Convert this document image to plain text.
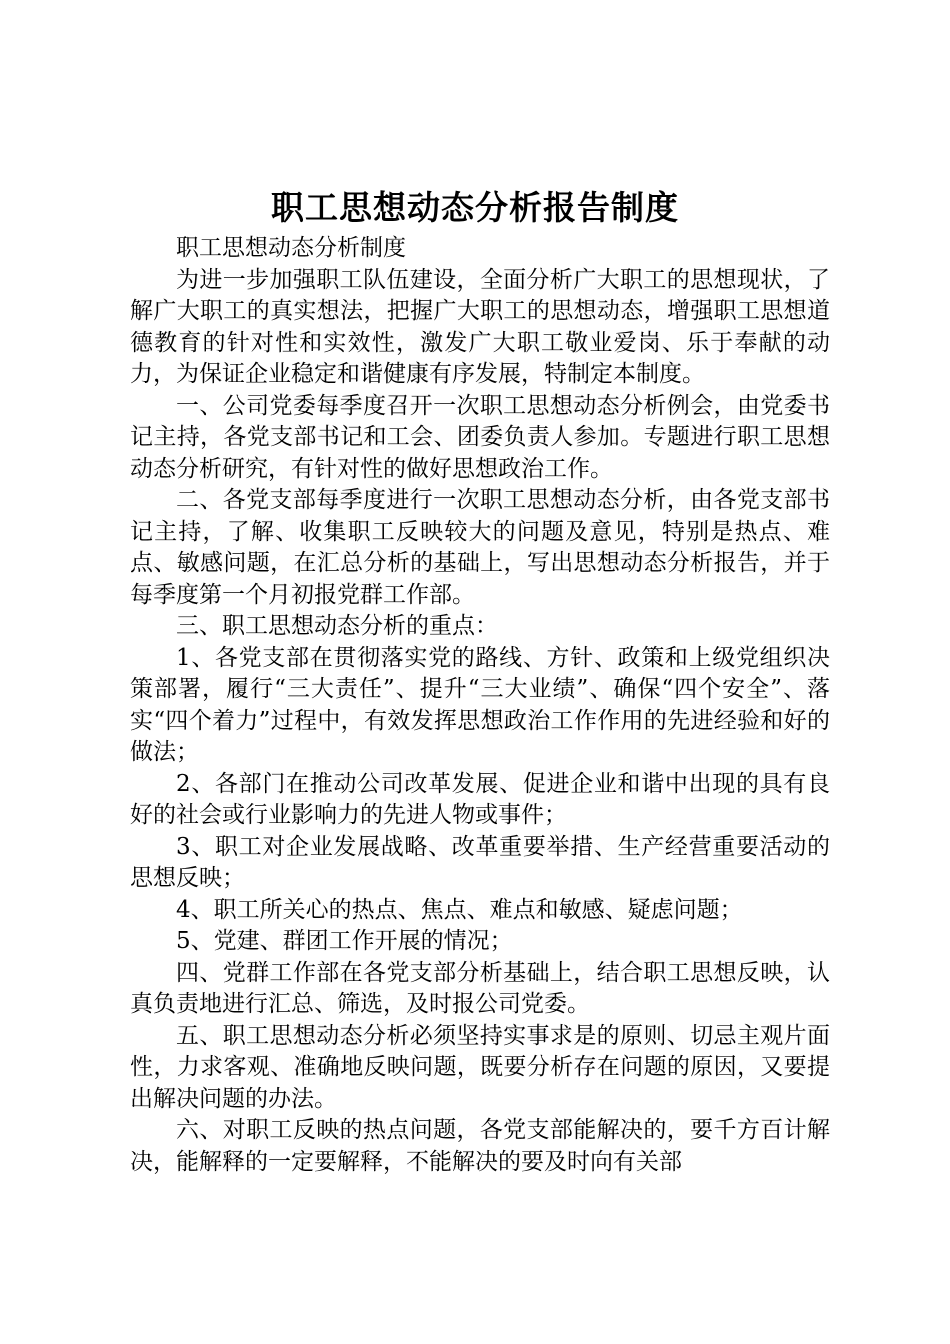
职工思想动态分析报告制度

职工思想动态分析制度

为进一步加强职工队伍建设，全面分析广大职工的思想现状，了解广大职工的真实想法，把握广大职工的思想动态，增强职工思想道德教育的针对性和实效性，激发广大职工敬业爱岗、乐于奉献的动力，为保证企业稳定和谐健康有序发展，特制定本制度。

一、公司党委每季度召开一次职工思想动态分析例会，由党委书记主持，各党支部书记和工会、团委负责人参加。专题进行职工思想动态分析研究，有针对性的做好思想政治工作。

二、各党支部每季度进行一次职工思想动态分析，由各党支部书记主持，了解、收集职工反映较大的问题及意见，特别是热点、难点、敏感问题，在汇总分析的基础上，写出思想动态分析报告，并于每季度第一个月初报党群工作部。

三、职工思想动态分析的重点：

1、各党支部在贯彻落实党的路线、方针、政策和上级党组织决策部署，履行“三大责任”、提升“三大业绩”、确保“四个安全”、落实“四个着力”过程中，有效发挥思想政治工作作用的先进经验和好的做法；

2、各部门在推动公司改革发展、促进企业和谐中出现的具有良好的社会或行业影响力的先进人物或事件；

3、职工对企业发展战略、改革重要举措、生产经营重要活动的思想反映；

4、职工所关心的热点、焦点、难点和敏感、疑虑问题；

5、党建、群团工作开展的情况；

四、党群工作部在各党支部分析基础上，结合职工思想反映，认真负责地进行汇总、筛选，及时报公司党委。

五、职工思想动态分析必须坚持实事求是的原则、切忌主观片面性，力求客观、准确地反映问题，既要分析存在问题的原因，又要提出解决问题的办法。

六、对职工反映的热点问题，各党支部能解决的，要千方百计解决，能解释的一定要解释，不能解决的要及时向有关部
